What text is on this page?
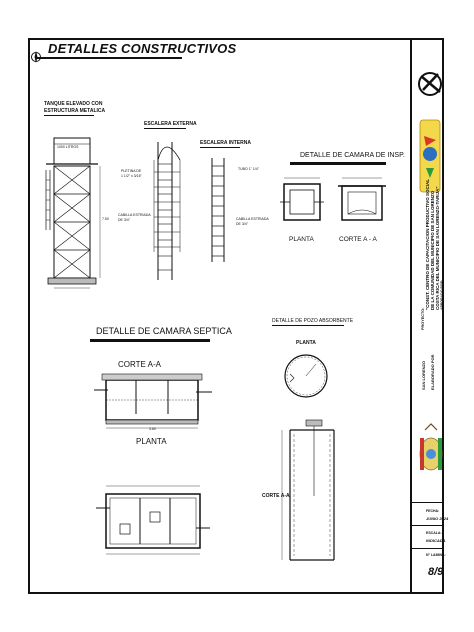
DETALLES CONSTRUCTIVOS
TANQUE ELEVADO CON
ESTRUCTURA METALICA
1000 LITROS
7.50
ESCALERA EXTERNA
PLETINA DE
1 1/2" x 3/16"
CABILLA ESTRIADA
DE 3/4"
ESCALERA INTERNA
TUBO 1" 1/4"
CABILLA ESTRIADA
DE 3/4"
DETALLE DE CAMARA DE INSP.
PLANTA	CORTE A - A
DETALLE DE CAMARA SEPTICA
CORTE A-A
3.60
PLANTA
DETALLE DE POZO ABSORBENTE
PLANTA
CORTE A-A
PROYECTO:
"CONST. CENTRO DE CAPACITACION PRODUCTIVO SOCIAL DE LA COMUNIDAD DEL MUNICIPIO DE SAN LORENZO COSTA RICA DEL MUNICIPIO DE SAN LORENZO-TARIJA" APROBADO POR:
SAN LORENZO ELABORADO POR
FECHA:
JUNIO 2024
ESCALA:
INDICADA
N° LAMINA:
8/9
